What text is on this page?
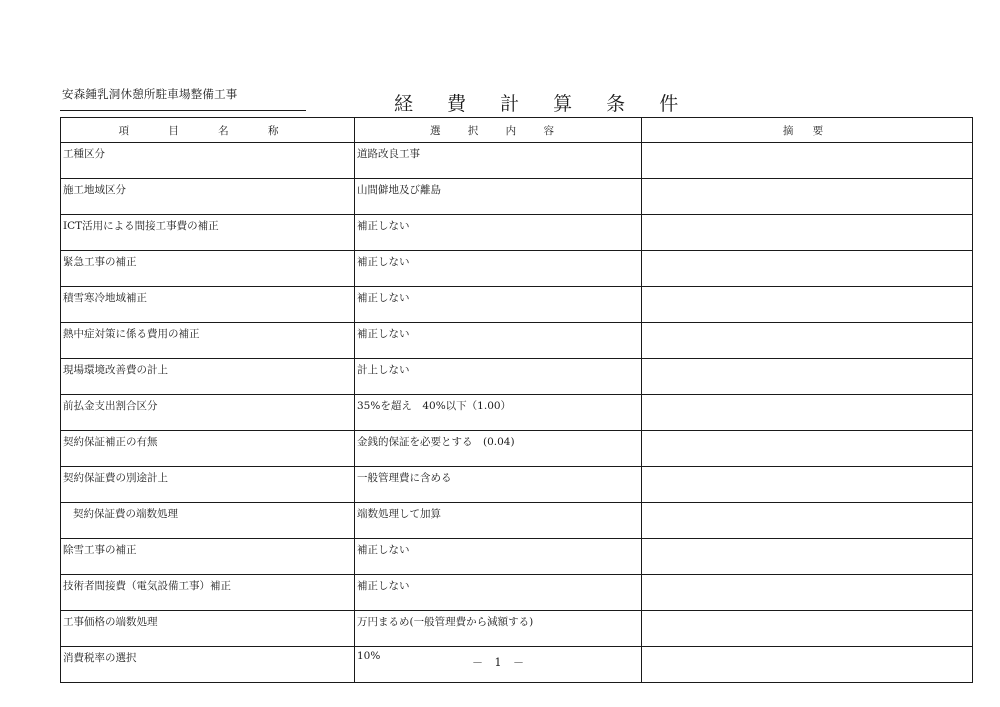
安森鍾乳洞休憩所駐車場整備工事	経 費 計 算 条 件
項 目 名 称	選 択 内 容	摘 要
工種区分	道路改良工事	
施工地域区分	山間僻地及び離島	
ICT活用による間接工事費の補正	補正しない	
緊急工事の補正	補正しない	
積雪寒冷地域補正	補正しない	
熱中症対策に係る費用の補正	補正しない	
現場環境改善費の計上	計上しない	
前払金支出割合区分	35%を超え　40%以下（1.00）	
契約保証補正の有無	金銭的保証を必要とする　(0.04)	
契約保証費の別途計上	一般管理費に含める	
契約保証費の端数処理	端数処理して加算	
除雪工事の補正	補正しない	
技術者間接費（電気設備工事）補正	補正しない	
工事価格の端数処理	万円まるめ(一般管理費から減額する)	
消費税率の選択	10%		－ 1 －
